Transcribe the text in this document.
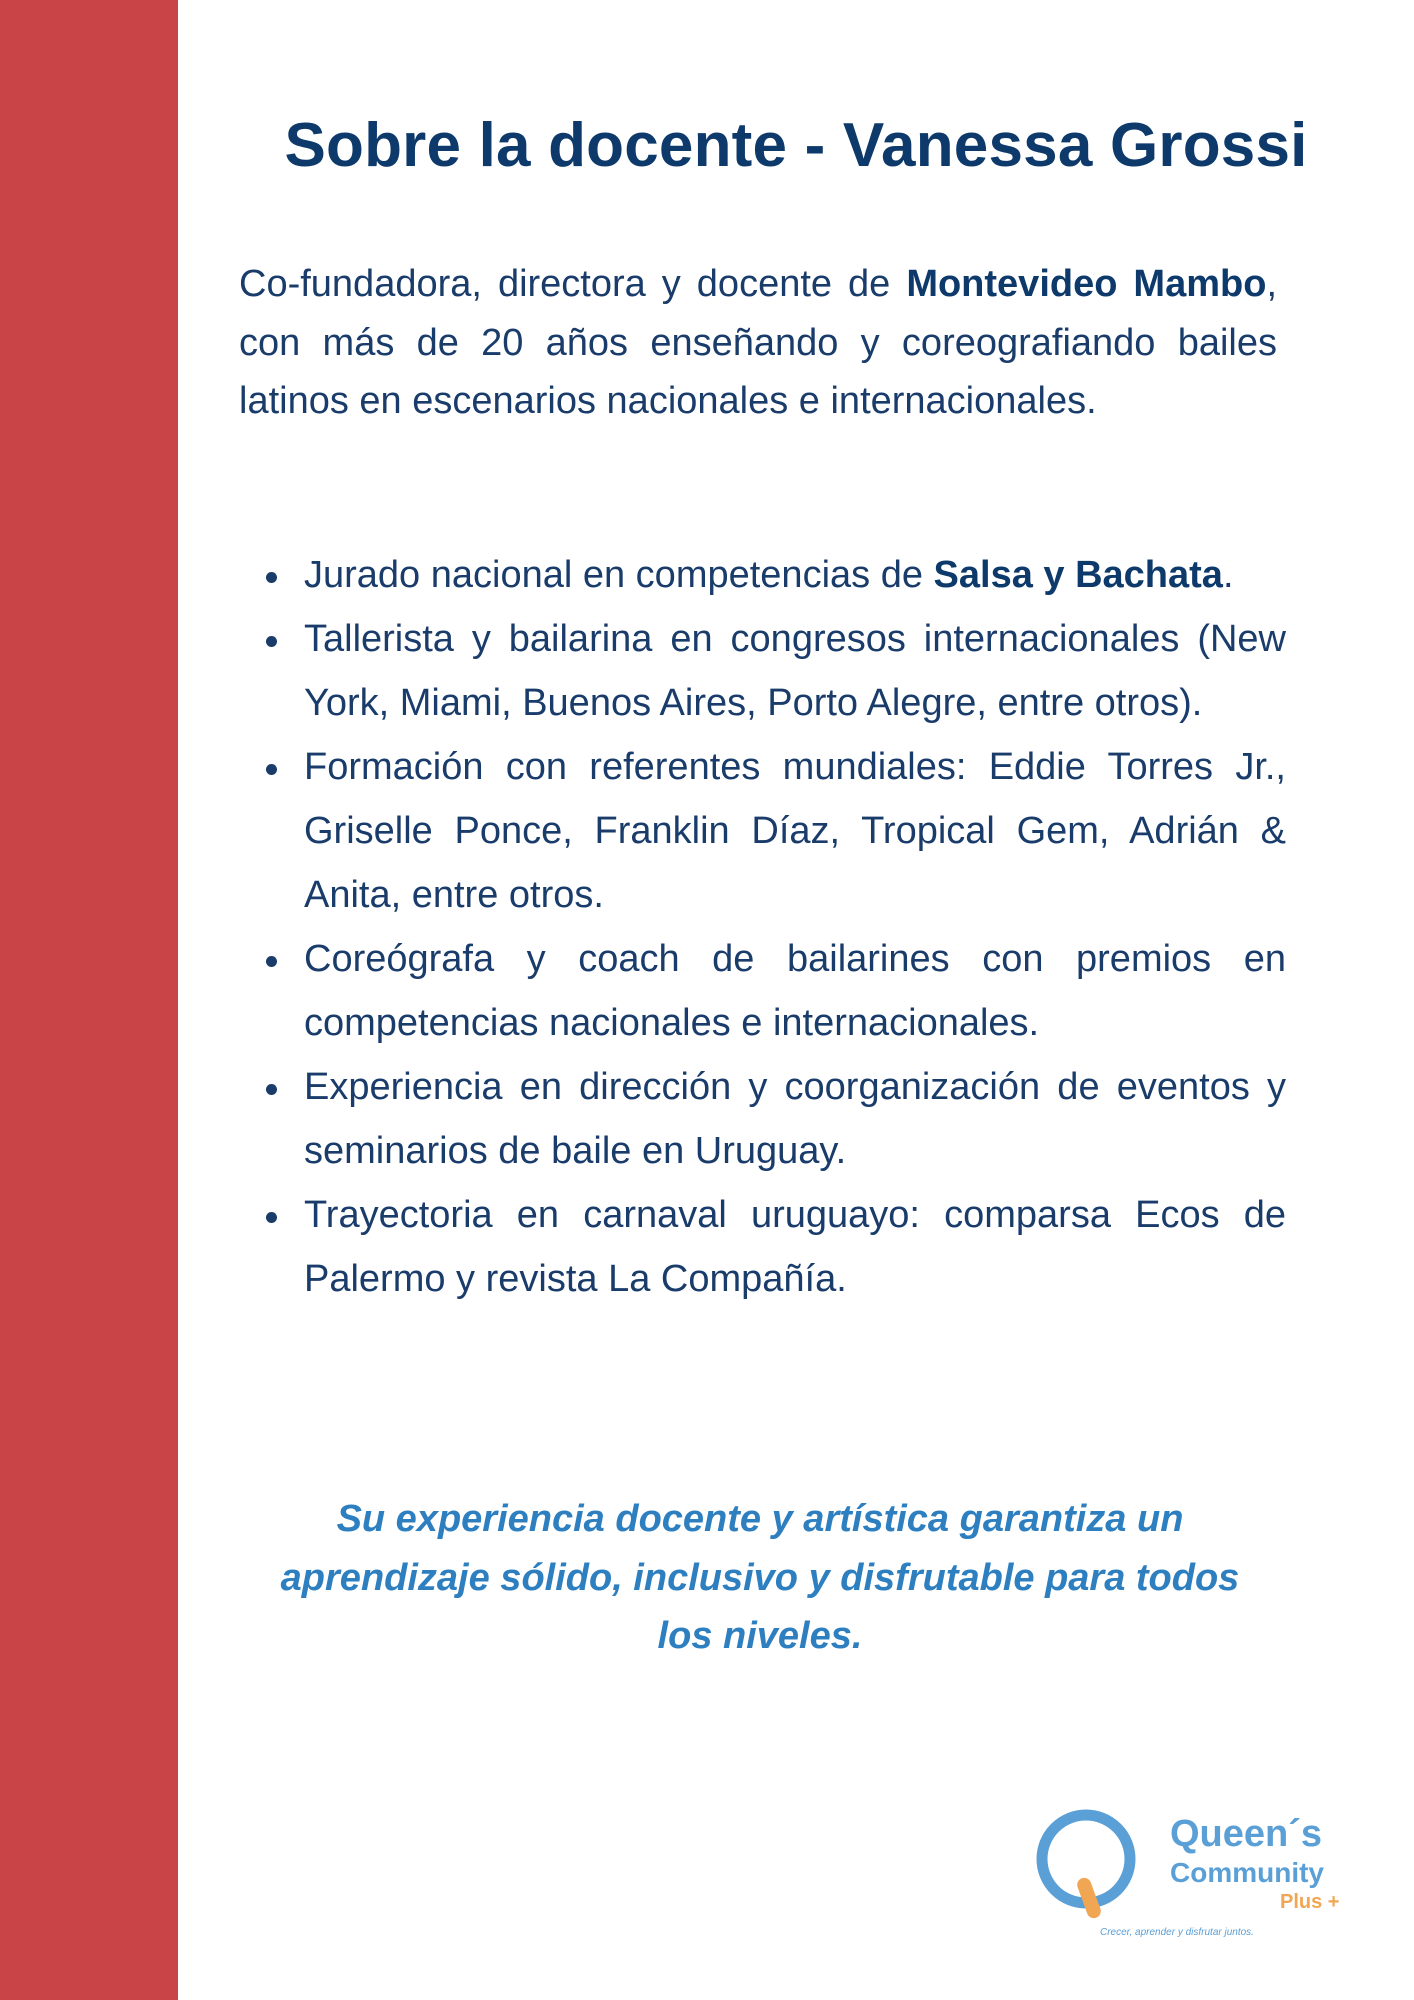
Sobre la docente - Vanessa Grossi

Co-fundadora, directora y docente de Montevideo Mambo, con más de 20 años enseñando y coreografiando bailes latinos en escenarios nacionales e internacionales.

Jurado nacional en competencias de Salsa y Bachata.
Tallerista y bailarina en congresos internacionales (New York, Miami, Buenos Aires, Porto Alegre, entre otros).
Formación con referentes mundiales: Eddie Torres Jr., Griselle Ponce, Franklin Díaz, Tropical Gem, Adrián & Anita, entre otros.
Coreógrafa y coach de bailarines con premios en competencias nacionales e internacionales.
Experiencia en dirección y coorganización de eventos y seminarios de baile en Uruguay.
Trayectoria en carnaval uruguayo: comparsa Ecos de Palermo y revista La Compañía.

Su experiencia docente y artística garantiza un aprendizaje sólido, inclusivo y disfrutable para todos los niveles.

Queen´s

Community

Plus +

Crecer, aprender y disfrutar juntos.
